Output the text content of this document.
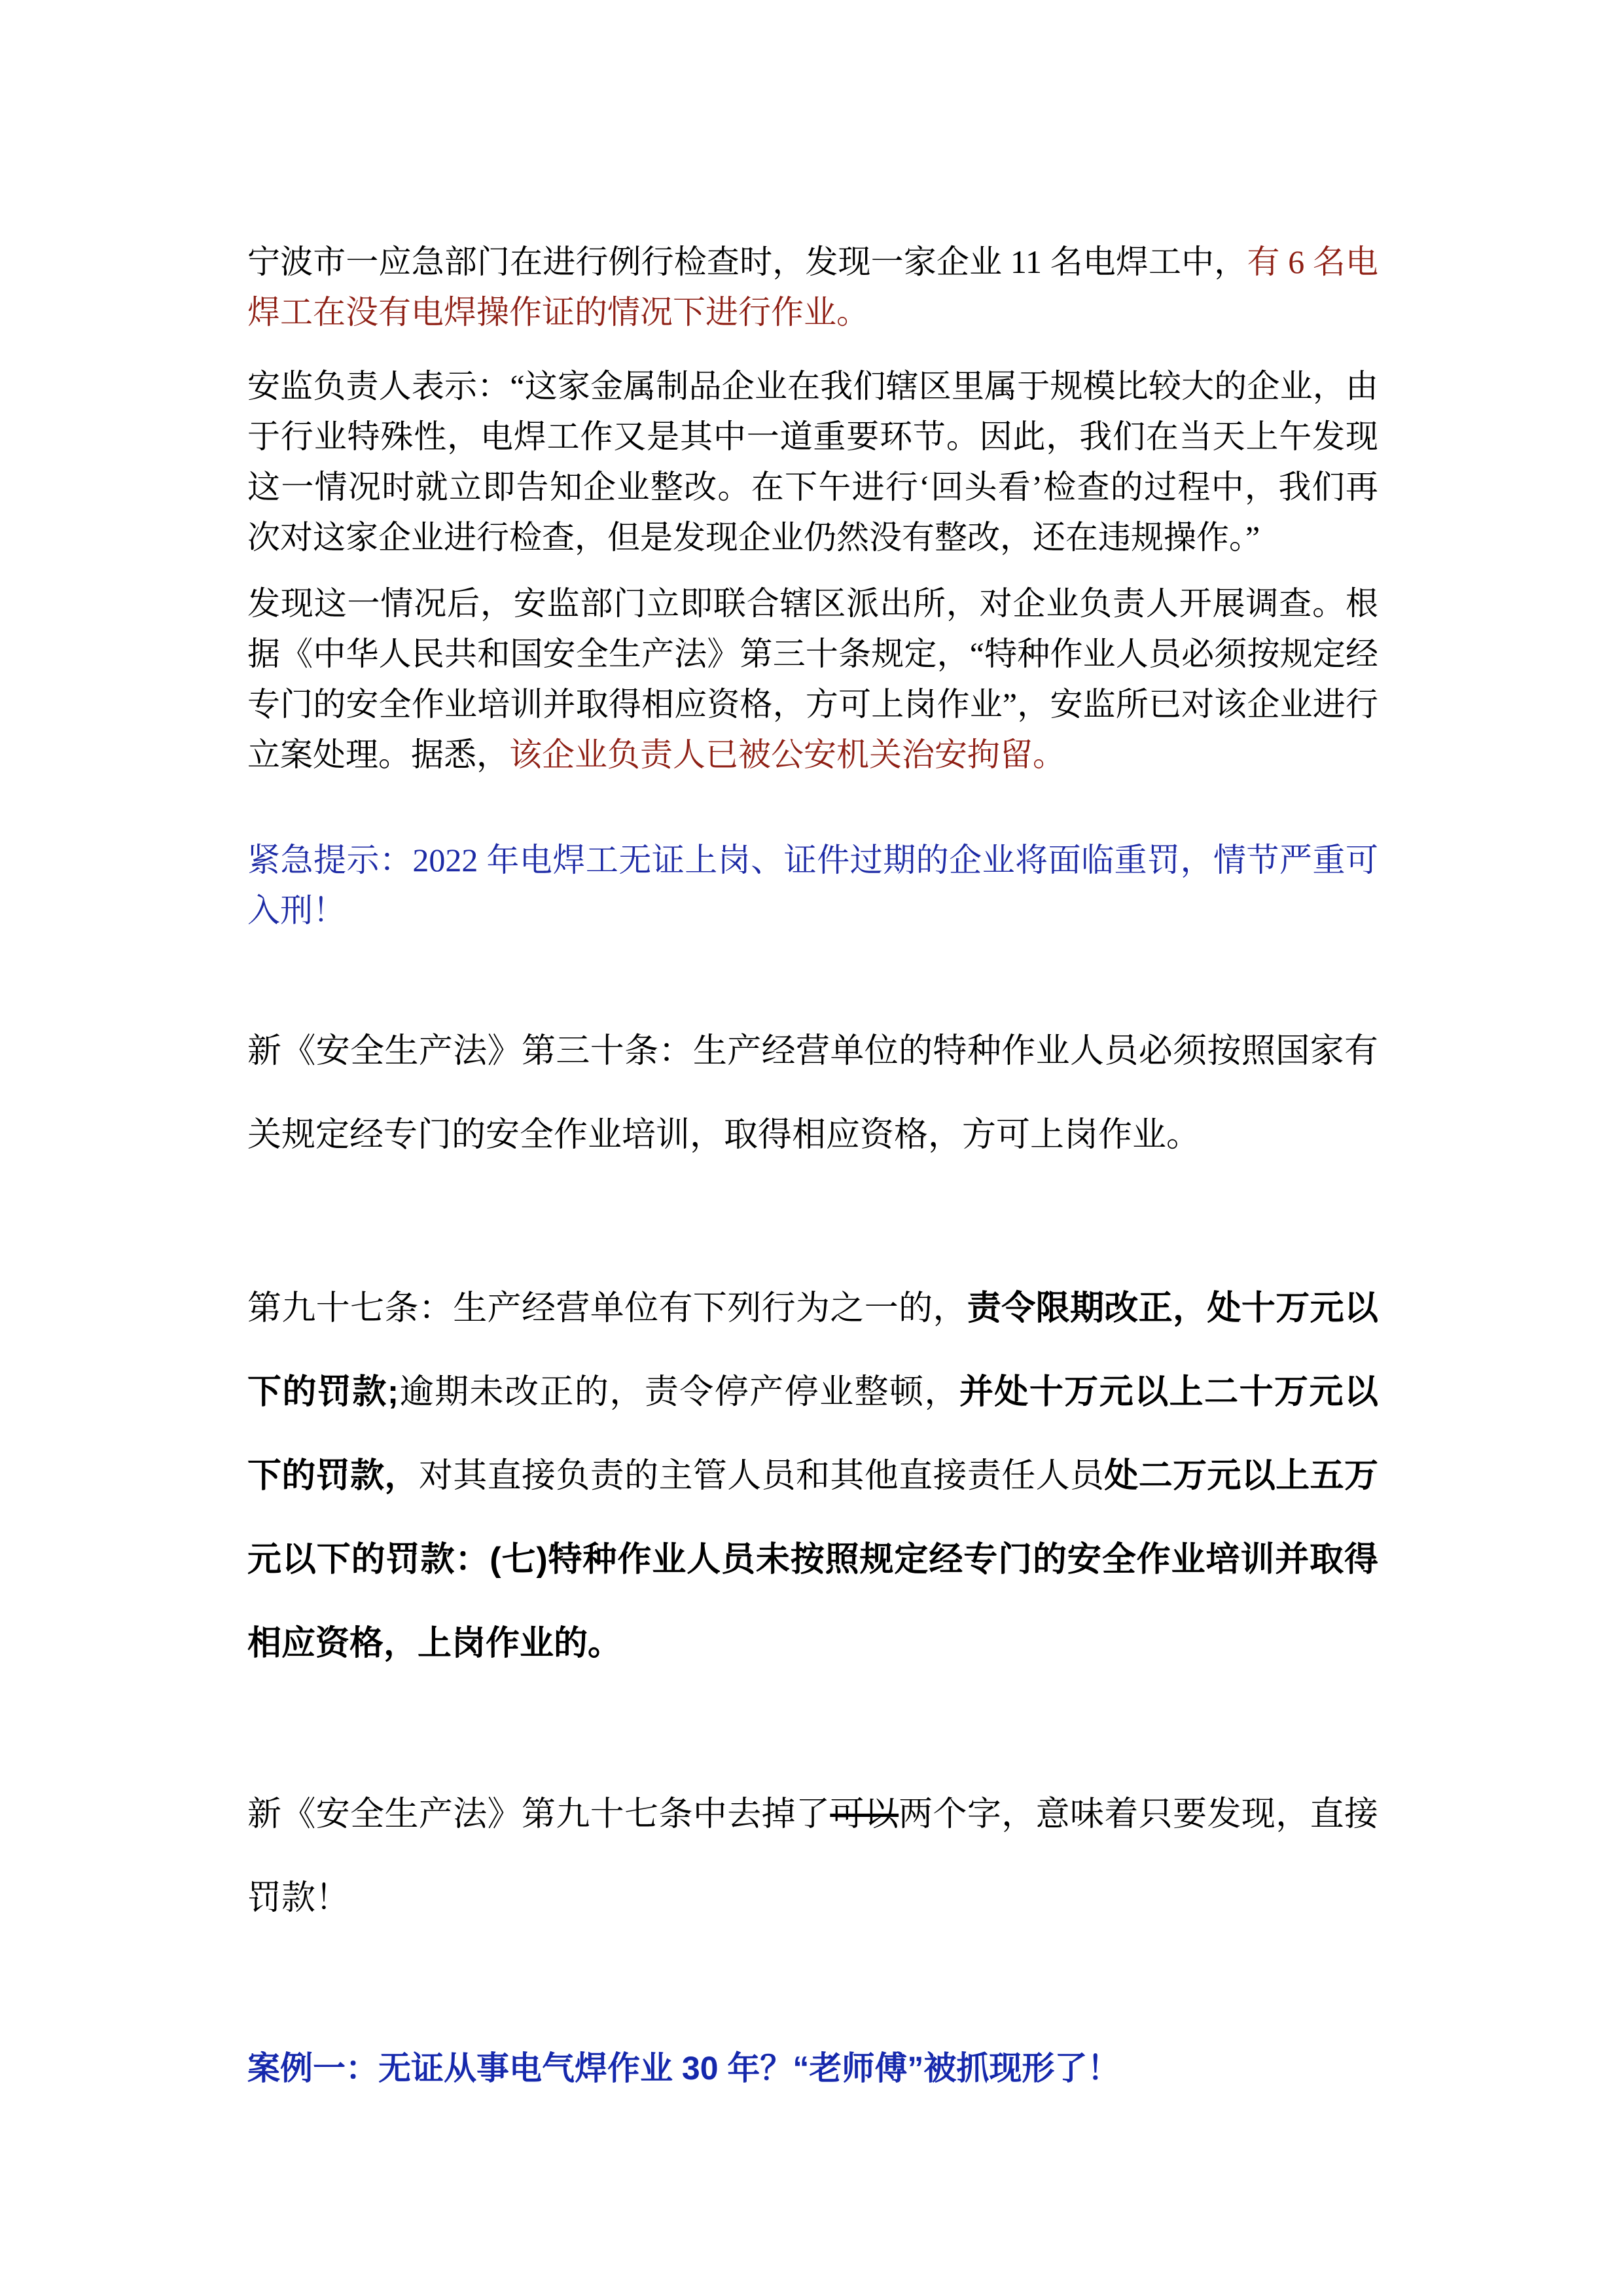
宁波市一应急部门在进行例行检查时，发现一家企业 11 名电焊工中，有 6 名电焊工在没有电焊操作证的情况下进行作业。

安监负责人表示：“这家金属制品企业在我们辖区里属于规模比较大的企业，由于行业特殊性，电焊工作又是其中一道重要环节。因此，我们在当天上午发现这一情况时就立即告知企业整改。在下午进行‘回头看’检查的过程中，我们再次对这家企业进行检查，但是发现企业仍然没有整改，还在违规操作。”

发现这一情况后，安监部门立即联合辖区派出所，对企业负责人开展调查。根据《中华人民共和国安全生产法》第三十条规定，“特种作业人员必须按规定经专门的安全作业培训并取得相应资格，方可上岗作业”，安监所已对该企业进行立案处理。据悉，该企业负责人已被公安机关治安拘留。

紧急提示：2022 年电焊工无证上岗、证件过期的企业将面临重罚，情节严重可入刑！

新《安全生产法》第三十条：生产经营单位的特种作业人员必须按照国家有关规定经专门的安全作业培训，取得相应资格，方可上岗作业。

第九十七条：生产经营单位有下列行为之一的，责令限期改正，处十万元以下的罚款;逾期未改正的，责令停产停业整顿，并处十万元以上二十万元以下的罚款，对其直接负责的主管人员和其他直接责任人员处二万元以上五万元以下的罚款：(七)特种作业人员未按照规定经专门的安全作业培训并取得相应资格，上岗作业的。

新《安全生产法》第九十七条中去掉了可以两个字，意味着只要发现，直接罚款！

案例一：无证从事电气焊作业 30 年？“老师傅”被抓现形了！
